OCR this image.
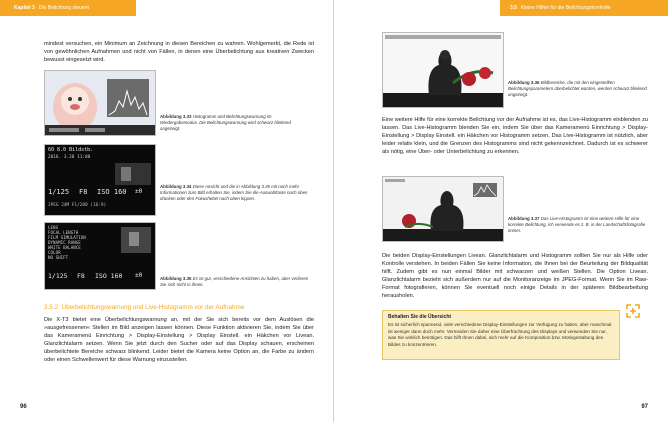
Kapitel 3 Die Belichtung steuern
mindest versuchen, ein Minimum an Zeichnung in diesen Bereichen zu wahren. Wohlgemerkt, die Rede ist von gewöhnlichen Aufnahmen und nicht von Fällen, in denen eine Überbelichtung aus kreativen Zwecken bewusst eingesetzt wird.
Abbildung 3.33 Histogramm und Belichtungswarnung im Wiedergabemodus. Die Belichtungswarnung wird schwarz blinkend angezeigt.
60 8.0 Bildstb.
2016. 3.28 11:00
1/125 F8 ISO 160 ±0
JPEG 24M F1/200 (16:9)
Abbildung 3.34 Diese Ansicht und die in Abbildung 3.35 mit noch mehr Informationen zum Bild erhalten Sie, indem Sie die Auswahltaste nach oben drücken oder den Fokushebel nach oben kippen.
LENS
FOCAL LENGTH
FILM SIMULATION
DYNAMIC RANGE
WHITE BALANCE
COLOR
NO SHIFT
1/125 F8 ISO 160 ±0	Abbildung 3.35 Es ist gut, verschiedene Ansichten zu haben, aber verlieren Sie sich nicht in ihnen.
3.5.2 Überbelichtungswarnung und Live-Histogramm vor der Aufnahme
Die X-T3 bietet eine Überbelichtungswarnung an, mit der Sie sich bereits vor dem Auslösen die »ausgefressenen« Stellen im Bild anzeigen lassen können. Diese Funktion aktivieren Sie, indem Sie über das Kameramenü Einrichtung > Display-Einstellung > Display Einstell. ein Häkchen vor Livean. Glanzlichtalarm setzen. Wenn Sie jetzt durch den Sucher oder auf das Display schauen, erscheinen überbelichtete Bereiche schwarz blinkend. Leider bietet die Kamera keine Option an, die Farbe zu ändern oder einen Schwellenwert für diese Warnung einzustellen.
96
3.5 Kleine Hilfen für die Belichtungskontrolle
Abbildung 3.36 Bildbereiche, die mit den eingestellten Belichtungsparametern überbelichtet würden, werden schwarz blinkend angezeigt.
Eine weitere Hilfe für eine korrekte Belichtung vor der Aufnahme ist es, das Live-Histogramm einblenden zu lassen. Das Live-Histogramm blenden Sie ein, indem Sie über das Kameramenü Einrichtung > Display-Einstellung > Display Einstell. ein Häkchen vor Histogramm setzen. Das Live-Histogramm ist nützlich, aber leider relativ klein, und die Grenzen des Histogramms sind nicht gekennzeichnet. Dadurch ist es schwerer als nötig, eine Über- oder Unterbelichtung zu erkennen.
Abbildung 3.37 Das Live-Histogramm ist eine weitere Hilfe für eine korrekte Belichtung, ich verwende es z. B. in der Landschaftsfotografie immer.
Die beiden Display-Einstellungen Livean. Glanzlichtalarm und Histogramm sollten Sie nur als Hilfe oder Kontrolle verstehen. In beiden Fällen Sie keine Information, die Ihnen bei der Beurteilung der Bildqualität hilft. Zudem gibt es nun einmal Bilder mit schwarzen und weißen Stellen. Die Option Livean. Glanzlichtalarm bezieht sich außerdem nur auf die Monitoranzeige im JPEG-Format. Wenn Sie im Raw-Format fotografieren, können Sie eventuell noch einige Details in der späteren Bildbearbeitung herausholen.
Behalten Sie die Übersicht
Es ist sicherlich spannend, viele verschiedene Display-Einstellungen zur Verfügung zu haben, aber manchmal ist weniger dann doch mehr. Vermeiden Sie daher eine Überfrachtung des Displays und verwenden Sie nur, was Sie wirklich benötigen. Das hilft Ihnen dabei, sich mehr auf die Komposition bzw. Motivgestaltung des Bildes zu konzentrieren.
97
